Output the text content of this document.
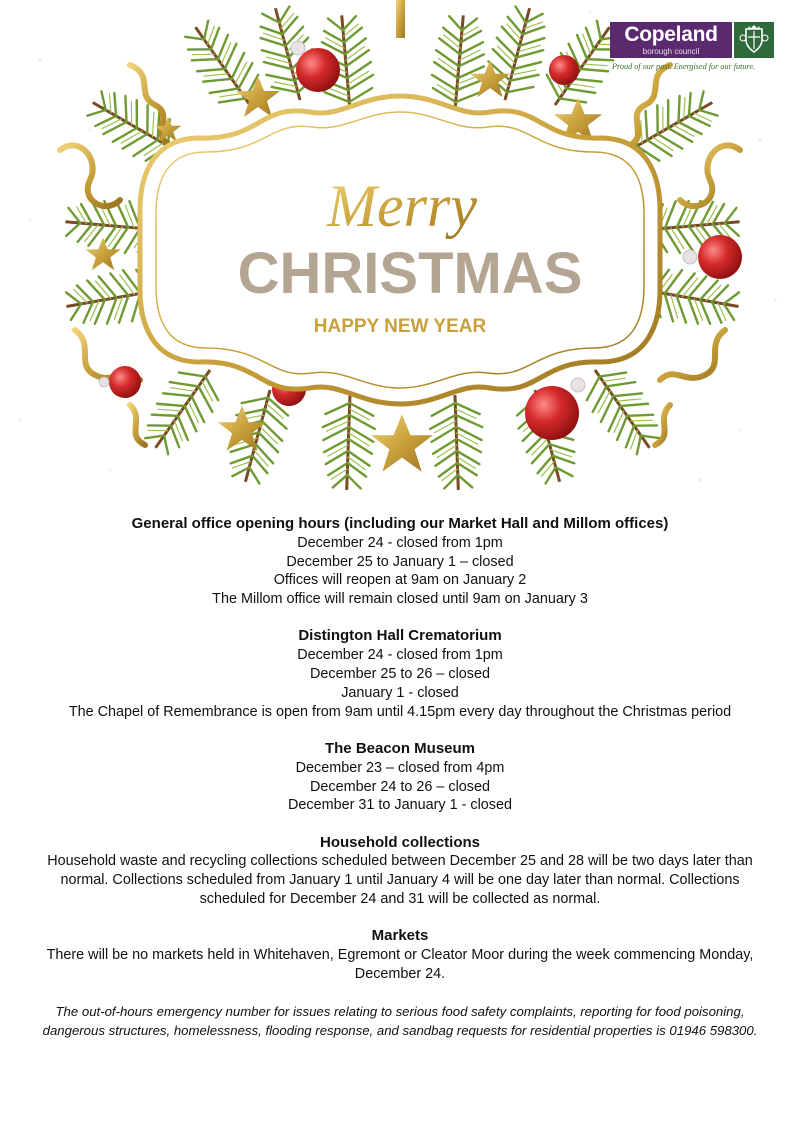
Merry
CHRISTMAS
HAPPY NEW YEAR
Copeland
borough council
Proud of our past. Energised for our future.
General office opening hours (including our Market Hall and Millom offices)
December 24 - closed from 1pm
December 25 to January 1 – closed
Offices will reopen at 9am on January 2
The Millom office will remain closed until 9am on January 3
Distington Hall Crematorium
December 24 - closed from 1pm
December 25 to 26 – closed
January 1 - closed
The Chapel of Remembrance is open from 9am until 4.15pm every day throughout the Christmas period
The Beacon Museum
December 23 – closed from 4pm
December 24 to 26 – closed
December 31 to January 1 - closed
Household collections
Household waste and recycling collections scheduled between December 25 and 28 will be two days later than normal. Collections scheduled from January 1 until January 4 will be one day later than normal. Collections scheduled for December 24 and 31 will be collected as normal.
Markets
There will be no markets held in Whitehaven, Egremont or Cleator Moor during the week commencing Monday, December 24.
The out-of-hours emergency number for issues relating to serious food safety complaints, reporting for food poisoning, dangerous structures, homelessness, flooding response, and sandbag requests for residential properties is 01946 598300.
